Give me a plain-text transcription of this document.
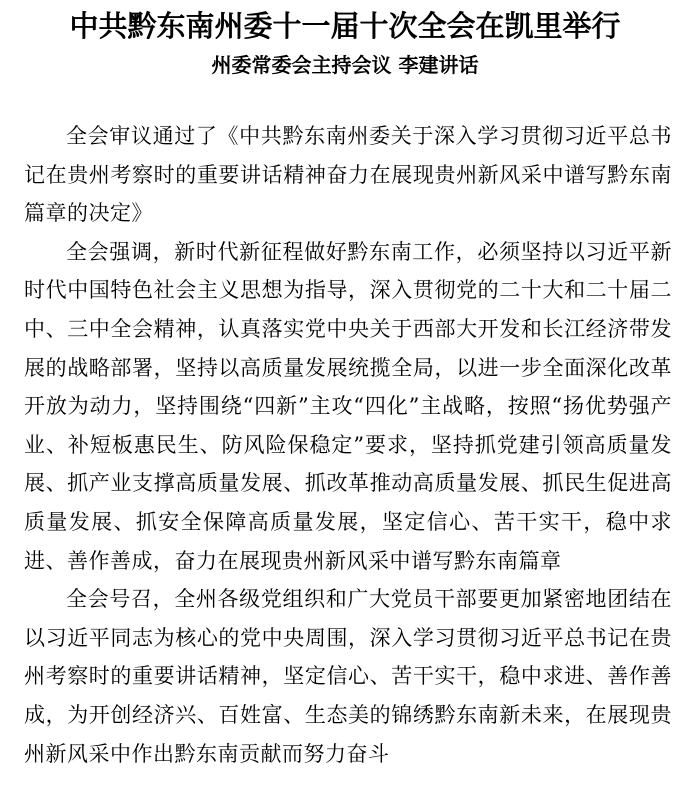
中共黔东南州委十一届十次全会在凯里举行
州委常委会主持会议 李建讲话

全会审议通过了《中共黔东南州委关于深入学习贯彻习近平总书记在贵州考察时的重要讲话精神奋力在展现贵州新风采中谱写黔东南篇章的决定》

全会强调，新时代新征程做好黔东南工作，必须坚持以习近平新时代中国特色社会主义思想为指导，深入贯彻党的二十大和二十届二中、三中全会精神，认真落实党中央关于西部大开发和长江经济带发展的战略部署，坚持以高质量发展统揽全局，以进一步全面深化改革开放为动力，坚持围绕“四新”主攻“四化”主战略，按照“扬优势强产业、补短板惠民生、防风险保稳定”要求，坚持抓党建引领高质量发展、抓产业支撑高质量发展、抓改革推动高质量发展、抓民生促进高质量发展、抓安全保障高质量发展，坚定信心、苦干实干，稳中求进、善作善成，奋力在展现贵州新风采中谱写黔东南篇章

全会号召，全州各级党组织和广大党员干部要更加紧密地团结在以习近平同志为核心的党中央周围，深入学习贯彻习近平总书记在贵州考察时的重要讲话精神，坚定信心、苦干实干，稳中求进、善作善成，为开创经济兴、百姓富、生态美的锦绣黔东南新未来，在展现贵州新风采中作出黔东南贡献而努力奋斗
